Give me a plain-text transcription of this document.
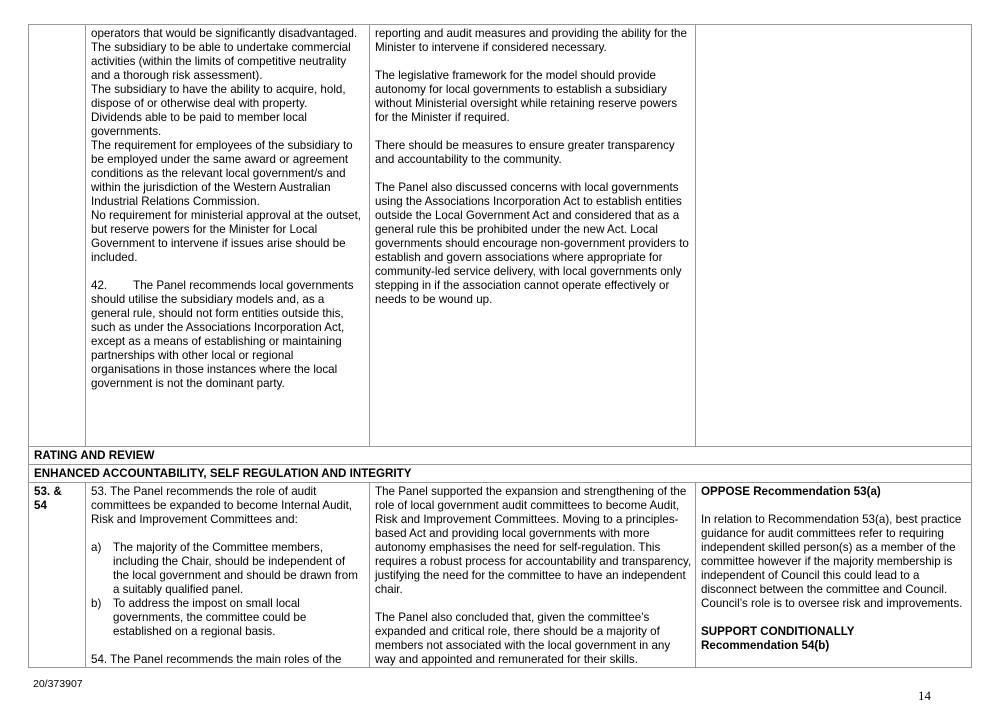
operators that would be significantly disadvantaged.

The subsidiary to be able to undertake commercial activities (within the limits of competitive neutrality and a thorough risk assessment).

The subsidiary to have the ability to acquire, hold, dispose of or otherwise deal with property.

Dividends able to be paid to member local governments.

The requirement for employees of the subsidiary to be employed under the same award or agreement conditions as the relevant local government/s and within the jurisdiction of the Western Australian Industrial Relations Commission.

No requirement for ministerial approval at the outset, but reserve powers for the Minister for Local Government to intervene if issues arise should be included.

42. The Panel recommends local governments should utilise the subsidiary models and, as a general rule, should not form entities outside this, such as under the Associations Incorporation Act, except as a means of establishing or maintaining partnerships with other local or regional organisations in those instances where the local government is not the dominant party.

reporting and audit measures and providing the ability for the Minister to intervene if considered necessary.

The legislative framework for the model should provide autonomy for local governments to establish a subsidiary without Ministerial oversight while retaining reserve powers for the Minister if required.

There should be measures to ensure greater transparency and accountability to the community.

The Panel also discussed concerns with local governments using the Associations Incorporation Act to establish entities outside the Local Government Act and considered that as a general rule this be prohibited under the new Act. Local governments should encourage non-government providers to establish and govern associations where appropriate for community-led service delivery, with local governments only stepping in if the association cannot operate effectively or needs to be wound up.

RATING AND REVIEW
ENHANCED ACCOUNTABILITY, SELF REGULATION AND INTEGRITY
53. &
54

53. The Panel recommends the role of audit committees be expanded to become Internal Audit, Risk and Improvement Committees and:

a) The majority of the Committee members, including the Chair, should be independent of the local government and should be drawn from a suitably qualified panel.
b) To address the impost on small local governments, the committee could be established on a regional basis.

54. The Panel recommends the main roles of the

The Panel supported the expansion and strengthening of the role of local government audit committees to become Audit, Risk and Improvement Committees. Moving to a principles-based Act and providing local governments with more autonomy emphasises the need for self-regulation. This requires a robust process for accountability and transparency, justifying the need for the committee to have an independent chair.

The Panel also concluded that, given the committee’s expanded and critical role, there should be a majority of members not associated with the local government in any way and appointed and remunerated for their skills.

OPPOSE Recommendation 53(a)

In relation to Recommendation 53(a), best practice guidance for audit committees refer to requiring independent skilled person(s) as a member of the committee however if the majority membership is independent of Council this could lead to a disconnect between the committee and Council. Council’s role is to oversee risk and improvements.

SUPPORT CONDITIONALLY

Recommendation 54(b)

20/373907
14
